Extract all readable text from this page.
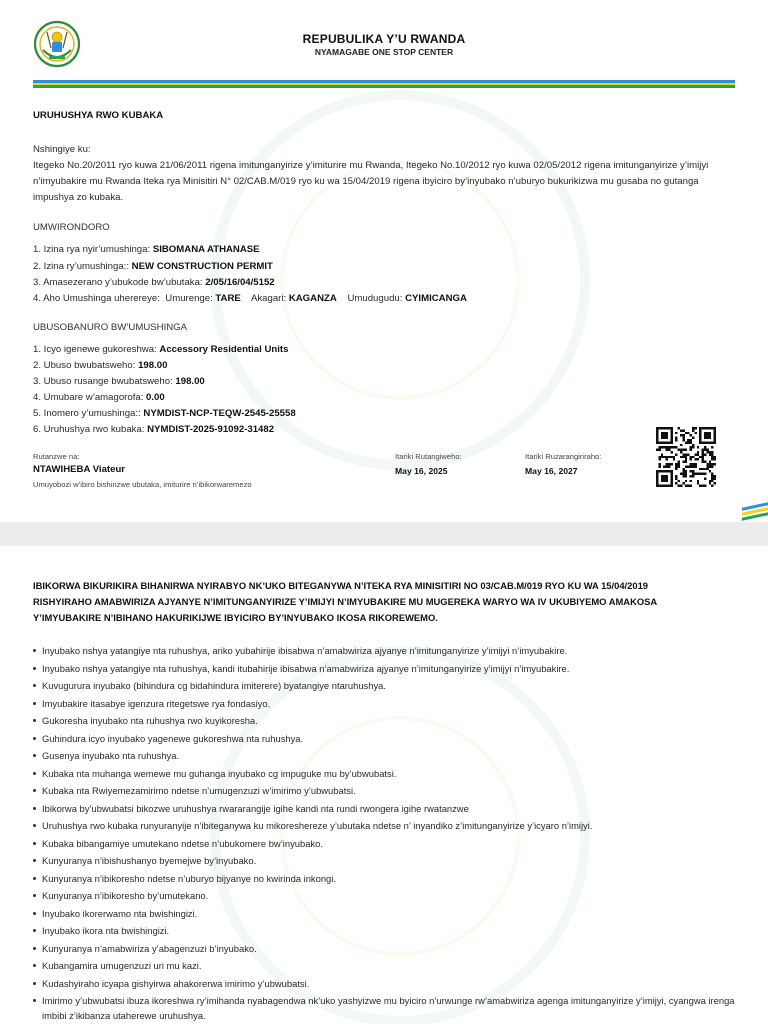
REPUBULIKA Y’U RWANDA
NYAMAGABE ONE STOP CENTER
URUHUSHYA RWO KUBAKA
Nshingiye ku:
Itegeko No.20/2011 ryo kuwa 21/06/2011 rigena imitunganyirize y’imiturire mu Rwanda, Itegeko No.10/2012 ryo kuwa 02/05/2012 rigena imitunganyirize y’imijyi n’imyubakire mu Rwanda Iteka rya Minisitiri N° 02/CAB.M/019 ryo ku wa 15/04/2019 rigena ibyiciro by’inyubako n’uburyo bukurikizwa mu gusaba no gutanga impushya zo kubaka.
UMWIRONDORO
1. Izina rya nyir’umushinga: SIBOMANA ATHANASE
2. Izina ry’umushinga:: NEW CONSTRUCTION PERMIT
3. Amasezerano y’ubukode bw’ubutaka: 2/05/16/04/5152
4. Aho Umushinga uherereye: Umurenge: TARE Akagari: KAGANZA Umudugudu: CYIMICANGA
UBUSOBANURO BW’UMUSHINGA
1. Icyo igenewe gukoreshwa: Accessory Residential Units
2. Ubuso bwubatsweho: 198.00
3. Ubuso rusange bwubatsweho: 198.00
4. Umubare w’amagorofa: 0.00
5. Inomero y’umushinga:: NYMDIST-NCP-TEQW-2545-25558
6. Uruhushya rwo kubaka: NYMDIST-2025-91092-31482
Rutanzwe na:
NTAWIHEBA Viateur
Umuyobozi w’ibiro bishinzwe ubutaka, imiturire n’ibikorwaremezo
Itariki Rutangiweho:
May 16, 2025
Itariki Ruzarangiriraho:
May 16, 2027
IBIKORWA BIKURIKIRA BIHANIRWA NYIRABYO NK’UKO BITEGANYWA N’ITEKA RYA MINISITIRI NO 03/CAB.M/019 RYO KU WA 15/04/2019 RISHYIRAHO AMABWIRIZA AJYANYE N’IMITUNGANYIRIZE Y’IMIJYI N’IMYUBAKIRE MU MUGEREKA WARYO WA IV UKUBIYEMO AMAKOSA Y’IMYUBAKIRE N’IBIHANO HAKURIKIJWE IBYICIRO BY’INYUBAKO IKOSA RIKOREWEMO.
Inyubako nshya yatangiye nta ruhushya, ariko yubahirije ibisabwa n’amabwiriza ajyanye n’imitunganyirize y’imijyi n’imyubakire.
Inyubako nshya yatangiye nta ruhushya, kandi itubahirije ibisabwa n’amabwiriza ajyanye n’imitunganyirize y’imijyi n’imyubakire.
Kuvugurura inyubako (bihindura cg bidahindura imiterere) byatangiye ntaruhushya.
Imyubakire itasabye igenzura ritegetswe rya fondasiyo.
Gukoresha inyubako nta ruhushya rwo kuyikoresha.
Guhindura icyo inyubako yagenewe gukoreshwa nta ruhushya.
Gusenya inyubako nta ruhushya.
Kubaka nta muhanga wemewe mu guhanga inyubako cg impuguke mu by’ubwubatsi.
Kubaka nta Rwiyemezamirimo ndetse n’umugenzuzi w’imirimo y’ubwubatsi.
Ibikorwa by’ubwubatsi bikozwe uruhushya rwararangije igihe kandi nta rundi rwongera igihe rwatanzwe
Uruhushya rwo kubaka runyuranyije n’ibiteganywa ku mikoreshereze y’ubutaka ndetse n’ inyandiko z’imitunganyirize y’icyaro n’imijyi.
Kubaka bibangamiye umutekano ndetse n’ubukomere bw’inyubako.
Kunyuranya n’ibishushanyo byemejwe by’inyubako.
Kunyuranya n’ibikoresho ndetse n’uburyo bijyanye no kwirinda inkongi.
Kunyuranya n’ibikoresho by’umutekano.
Inyubako ikorerwamo nta bwishingizi.
Inyubako ikora nta bwishingizi.
Kunyuranya n’amabwiriza y’abagenzuzi b’inyubako.
Kubangamira umugenzuzi uri mu kazi.
Kudashyiraho icyapa gishyirwa ahakorerwa imirimo y’ubwubatsi.
Imirimo y’ubwubatsi ibuza ikoreshwa ry’imihanda nyabagendwa nk’uko yashyizwe mu byiciro n’urwunge rw’amabwiriza agenga imitunganyirize y’imijyi, cyangwa irenga imbibi z’ikibanza utaherewe uruhushya.
